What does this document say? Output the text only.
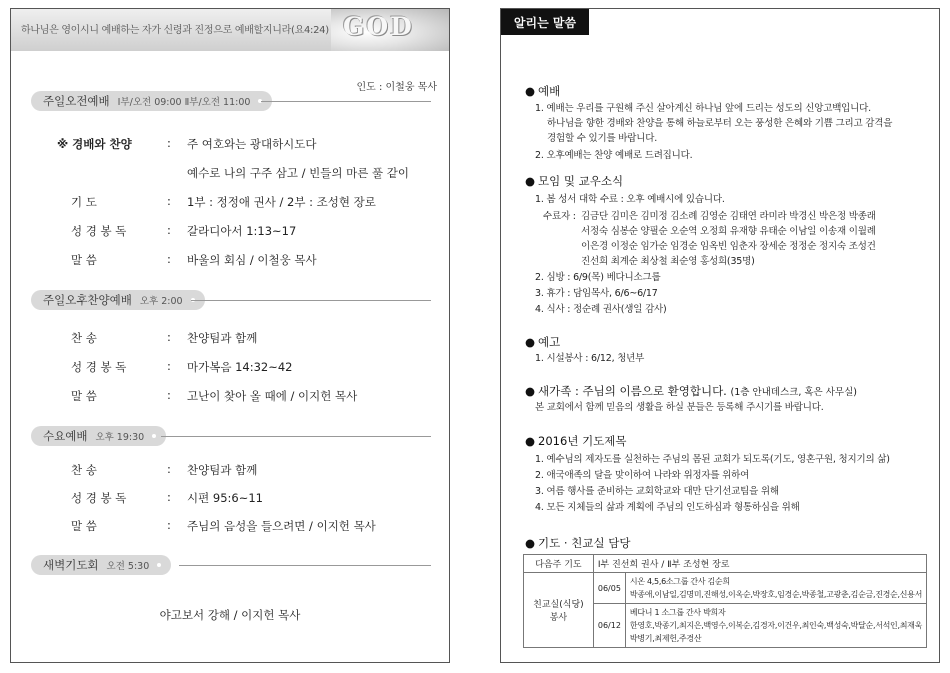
하나님은 영이시니 예배하는 자가 신령과 진정으로 예배할지니라(요4:24) GOD
인도 : 이철웅 목사
주일오전예배 Ⅰ부/오전 09:00 Ⅱ부/오전 11:00
※ 경배와 찬양	: 주 여호와는 광대하시도다
예수로 나의 구주 삼고 / 빈들의 마른 풀 같이
기 도	: 1부 : 정정애 권사 / 2부 : 조성현 장로
성 경 봉 독	: 갈라디아서 1:13~17
말 씀	: 바울의 회심 / 이철웅 목사
주일오후찬양예배 오후 2:00
찬 송	: 찬양팀과 함께
성 경 봉 독	: 마가복음 14:32~42
말 씀	: 고난이 찾아 올 때에 / 이지헌 목사
수요예배 오후 19:30
찬 송	: 찬양팀과 함께
성 경 봉 독	: 시편 95:6~11
말 씀	: 주님의 음성을 들으려면 / 이지헌 목사
새벽기도회 오전 5:30
야고보서 강해 / 이지헌 목사
알리는 말씀
● 예배
1. 예배는 우리를 구원해 주신 살아계신 하나님 앞에 드리는 성도의 신앙고백입니다.
하나님을 향한 경배와 찬양을 통해 하늘로부터 오는 풍성한 은혜와 기쁨 그리고 감격을
경험할 수 있기를 바랍니다.
2. 오후예배는 찬양 예배로 드려집니다.
● 모임 및 교우소식
1. 봄 성서 대학 수료 : 오후 예배시에 있습니다.
수료자 : 김금단 김미은 김미정 김소례 김영순 김태연 라미라 박경신 박은정 박종래
서정숙 심봉순 양필순 오순역 오정희 유재향 유태순 이남일 이송재 이월례
이은경 이정순 임가순 임경순 임옥빈 임춘자 장세순 정정순 정지숙 조성건
진선희 최계순 최상철 최순영 홍성희(35명)
2. 심방 : 6/9(목) 베다니소그룹
3. 휴가 : 담임목사, 6/6~6/17
4. 식사 : 정순례 권사(생일 감사)
● 예고
1. 시설봉사 : 6/12, 청년부
● 새가족 : 주님의 이름으로 환영합니다. (1층 안내데스크, 혹은 사무실)
본 교회에서 함께 믿음의 생활을 하실 분들은 등록해 주시기를 바랍니다.
● 2016년 기도제목
1. 예수님의 제자도를 실천하는 주님의 몸된 교회가 되도록(기도, 영혼구원, 청지기의 삶)
2. 애국애족의 달을 맞이하여 나라와 위정자를 위하여
3. 여름 행사를 준비하는 교회학교와 대만 단기선교팀을 위해
4. 모든 지체들의 삶과 계획에 주님의 인도하심과 형통하심을 위해
● 기도 · 친교실 담당
다음주 기도	Ⅰ부 진선희 권사 / Ⅱ부 조성현 장로	
친교실(식당) 봉사	06/05	시온 4,5,6소그룹 간사 김순희
박종애,이남일,김명미,진해성,이옥순,박장호,임경순,박종철,고광춘,김순금,진경순,신용서

	06/12	베다니 1 소그룹 간사 박희자
한영호,박종기,최지은,백영수,이복순,김경자,이건우,최인숙,백성숙,박달순,서석인,최재욱
박병기,최제헌,주경산
